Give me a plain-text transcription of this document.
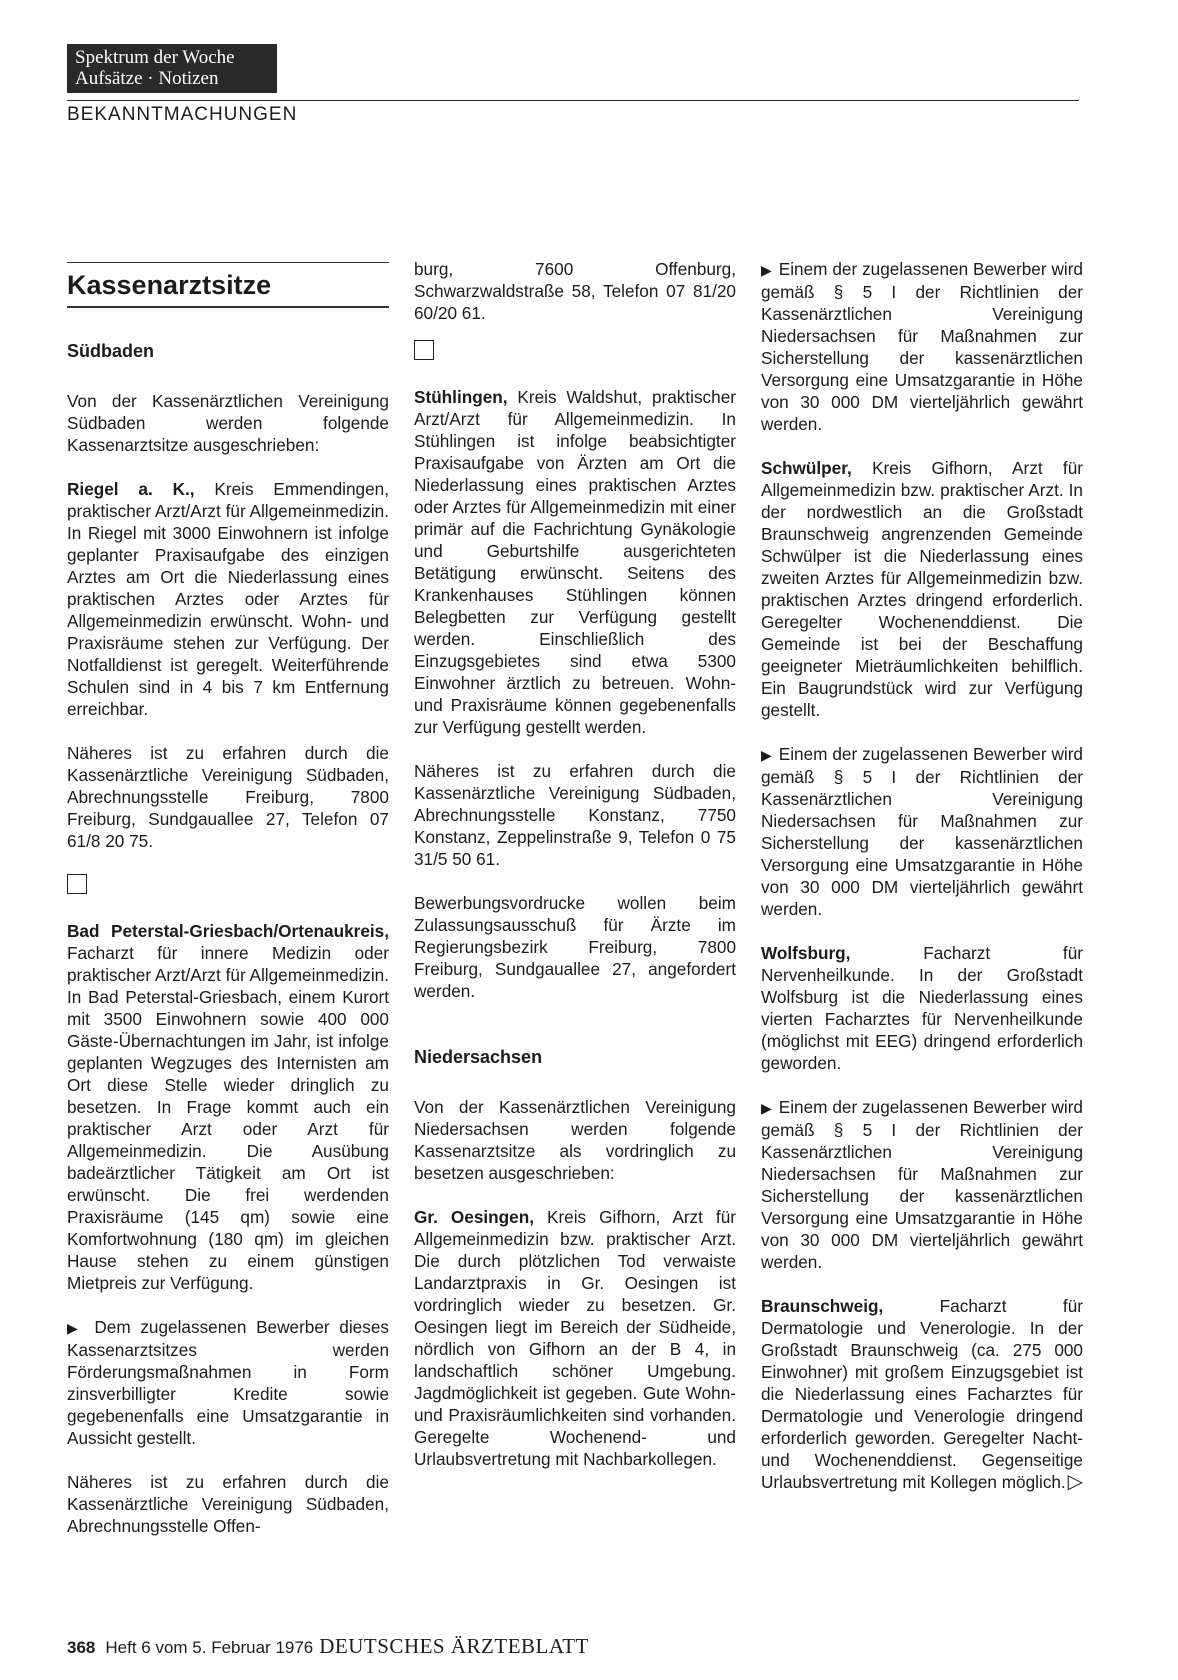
Spektrum der Woche
Aufsätze · Notizen
BEKANNTMACHUNGEN
Kassenarztsitze
Südbaden
Von der Kassenärztlichen Vereinigung Südbaden werden folgende Kassenarztsitze ausgeschrieben:
Riegel a. K., Kreis Emmendingen, praktischer Arzt/Arzt für Allgemeinmedizin. In Riegel mit 3000 Einwohnern ist infolge geplanter Praxisaufgabe des einzigen Arztes am Ort die Niederlassung eines praktischen Arztes oder Arztes für Allgemeinmedizin erwünscht. Wohn- und Praxisräume stehen zur Verfügung. Der Notfalldienst ist geregelt. Weiterführende Schulen sind in 4 bis 7 km Entfernung erreichbar.
Näheres ist zu erfahren durch die Kassenärztliche Vereinigung Südbaden, Abrechnungsstelle Freiburg, 7800 Freiburg, Sundgauallee 27, Telefon 07 61/8 20 75.
Bad Peterstal-Griesbach/Ortenaukreis, Facharzt für innere Medizin oder praktischer Arzt/Arzt für Allgemeinmedizin. In Bad Peterstal-Griesbach, einem Kurort mit 3500 Einwohnern sowie 400 000 Gäste-Übernachtungen im Jahr, ist infolge geplanten Wegzuges des Internisten am Ort diese Stelle wieder dringlich zu besetzen. In Frage kommt auch ein praktischer Arzt oder Arzt für Allgemeinmedizin. Die Ausübung badeärztlicher Tätigkeit am Ort ist erwünscht. Die frei werdenden Praxisräume (145 qm) sowie eine Komfortwohnung (180 qm) im gleichen Hause stehen zu einem günstigen Mietpreis zur Verfügung.
▶ Dem zugelassenen Bewerber dieses Kassenarztsitzes werden Förderungsmaßnahmen in Form zinsverbilligter Kredite sowie gegebenenfalls eine Umsatzgarantie in Aussicht gestellt.
Näheres ist zu erfahren durch die Kassenärztliche Vereinigung Südbaden, Abrechnungsstelle Offen-
burg, 7600 Offenburg, Schwarzwaldstraße 58, Telefon 07 81/20 60/20 61.
Stühlingen, Kreis Waldshut, praktischer Arzt/Arzt für Allgemeinmedizin. In Stühlingen ist infolge beabsichtigter Praxisaufgabe von Ärzten am Ort die Niederlassung eines praktischen Arztes oder Arztes für Allgemeinmedizin mit einer primär auf die Fachrichtung Gynäkologie und Geburtshilfe ausgerichteten Betätigung erwünscht. Seitens des Krankenhauses Stühlingen können Belegbetten zur Verfügung gestellt werden. Einschließlich des Einzugsgebietes sind etwa 5300 Einwohner ärztlich zu betreuen. Wohn- und Praxisräume können gegebenenfalls zur Verfügung gestellt werden.
Näheres ist zu erfahren durch die Kassenärztliche Vereinigung Südbaden, Abrechnungsstelle Konstanz, 7750 Konstanz, Zeppelinstraße 9, Telefon 0 75 31/5 50 61.
Bewerbungsvordrucke wollen beim Zulassungsausschuß für Ärzte im Regierungsbezirk Freiburg, 7800 Freiburg, Sundgauallee 27, angefordert werden.
Niedersachsen
Von der Kassenärztlichen Vereinigung Niedersachsen werden folgende Kassenarztsitze als vordringlich zu besetzen ausgeschrieben:
Gr. Oesingen, Kreis Gifhorn, Arzt für Allgemeinmedizin bzw. praktischer Arzt. Die durch plötzlichen Tod verwaiste Landarztpraxis in Gr. Oesingen ist vordringlich wieder zu besetzen. Gr. Oesingen liegt im Bereich der Südheide, nördlich von Gifhorn an der B 4, in landschaftlich schöner Umgebung. Jagdmöglichkeit ist gegeben. Gute Wohn- und Praxisräumlichkeiten sind vorhanden. Geregelte Wochenend- und Urlaubsvertretung mit Nachbarkollegen.
▶ Einem der zugelassenen Bewerber wird gemäß § 5 I der Richtlinien der Kassenärztlichen Vereinigung Niedersachsen für Maßnahmen zur Sicherstellung der kassenärztlichen Versorgung eine Umsatzgarantie in Höhe von 30 000 DM vierteljährlich gewährt werden.
Schwülper, Kreis Gifhorn, Arzt für Allgemeinmedizin bzw. praktischer Arzt. In der nordwestlich an die Großstadt Braunschweig angrenzenden Gemeinde Schwülper ist die Niederlassung eines zweiten Arztes für Allgemeinmedizin bzw. praktischen Arztes dringend erforderlich. Geregelter Wochenenddienst. Die Gemeinde ist bei der Beschaffung geeigneter Mieträumlichkeiten behilflich. Ein Baugrundstück wird zur Verfügung gestellt.
▶ Einem der zugelassenen Bewerber wird gemäß § 5 I der Richtlinien der Kassenärztlichen Vereinigung Niedersachsen für Maßnahmen zur Sicherstellung der kassenärztlichen Versorgung eine Umsatzgarantie in Höhe von 30 000 DM vierteljährlich gewährt werden.
Wolfsburg, Facharzt für Nervenheilkunde. In der Großstadt Wolfsburg ist die Niederlassung eines vierten Facharztes für Nervenheilkunde (möglichst mit EEG) dringend erforderlich geworden.
▶ Einem der zugelassenen Bewerber wird gemäß § 5 I der Richtlinien der Kassenärztlichen Vereinigung Niedersachsen für Maßnahmen zur Sicherstellung der kassenärztlichen Versorgung eine Umsatzgarantie in Höhe von 30 000 DM vierteljährlich gewährt werden.
Braunschweig, Facharzt für Dermatologie und Venerologie. In der Großstadt Braunschweig (ca. 275 000 Einwohner) mit großem Einzugsgebiet ist die Niederlassung eines Facharztes für Dermatologie und Venerologie dringend erforderlich geworden. Geregelter Nacht- und Wochenenddienst. Gegenseitige Urlaubsvertretung mit Kollegen möglich. ▷
368 Heft 6 vom 5. Februar 1976 DEUTSCHES ÄRZTEBLATT
